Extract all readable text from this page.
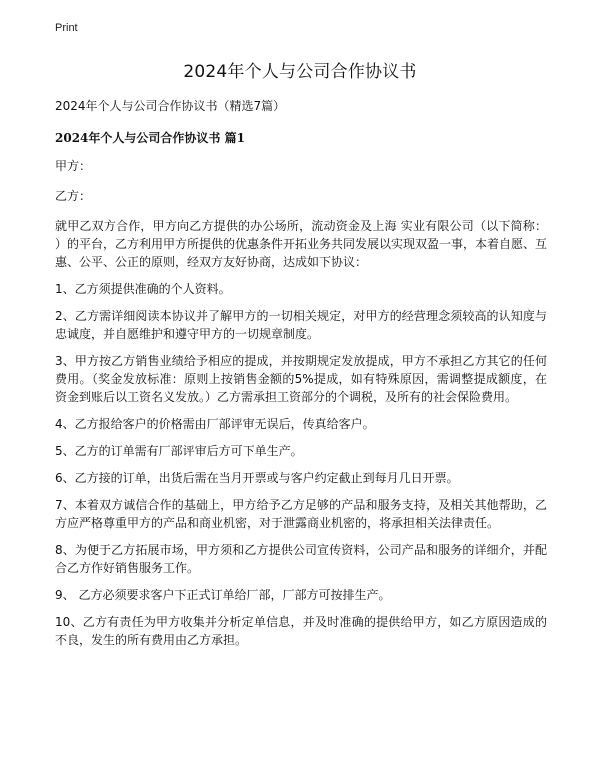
Print
2024年个人与公司合作协议书

2024年个人与公司合作协议书（精选7篇）

2024年个人与公司合作协议书 篇1

甲方：

乙方：

就甲乙双方合作，甲方向乙方提供的办公场所，流动资金及上海 实业有限公司（以下简称： ）的平台，乙方利用甲方所提供的优惠条件开拓业务共同发展以实现双盈一事，本着自愿、互惠、公平、公正的原则，经双方友好协商，达成如下协议：

1、乙方须提供准确的个人资料。

2、乙方需详细阅读本协议并了解甲方的一切相关规定，对甲方的经营理念须较高的认知度与忠诚度，并自愿维护和遵守甲方的一切规章制度。

3、甲方按乙方销售业绩给予相应的提成，并按期规定发放提成，甲方不承担乙方其它的任何费用。（奖金发放标准：原则上按销售金额的5%提成，如有特殊原因，需调整提成额度，在资金到账后以工资名义发放。）乙方需承担工资部分的个调税，及所有的社会保险费用。

4、乙方报给客户的价格需由厂部评审无误后，传真给客户。

5、乙方的订单需有厂部评审后方可下单生产。

6、乙方接的订单，出货后需在当月开票或与客户约定截止到每月几日开票。

7、本着双方诚信合作的基础上，甲方给予乙方足够的产品和服务支持，及相关其他帮助，乙方应严格尊重甲方的产品和商业机密，对于泄露商业机密的，将承担相关法律责任。

8、为便于乙方拓展市场，甲方须和乙方提供公司宣传资料，公司产品和服务的详细介，并配合乙方作好销售服务工作。

9、 乙方必须要求客户下正式订单给厂部，厂部方可按排生产。

10、乙方有责任为甲方收集并分析定单信息，并及时准确的提供给甲方，如乙方原因造成的不良，发生的所有费用由乙方承担。
